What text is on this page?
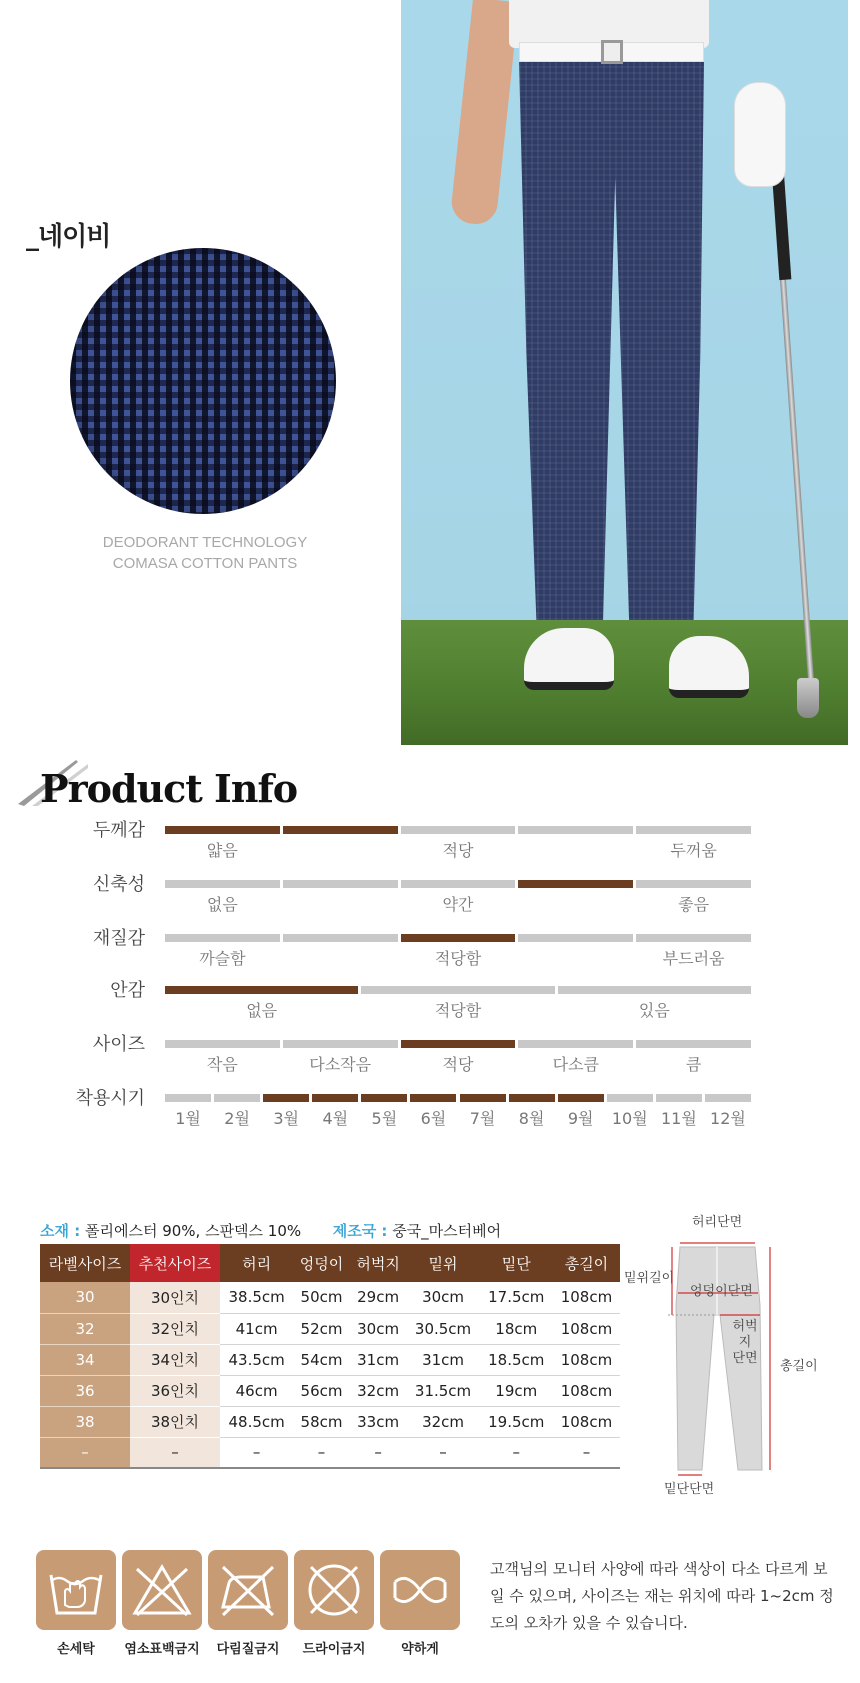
_네이비
DEODORANT TECHNOLOGY
COMASA COTTON PANTS
Product Info
두께감
얇음	적당	두꺼움
신축성
없음	약간	좋음
재질감
까슬함	적당함	부드러움
안감
없음	적당함	있음
사이즈
작음	다소작음	적당	다소큼	큼
착용시기
1월	2월	3월	4월	5월	6월	7월	8월	9월	10월 11월 12월
소재 : 폴리에스터 90%, 스판덱스 10% 제조국 : 중국_마스터베어
라벨사이즈	추천사이즈	허리	엉덩이	허벅지	밑위	밑단	총길이
30	30인치	38.5cm	50cm	29cm	30cm	17.5cm	108cm
32	32인치	41cm	52cm	30cm	30.5cm	18cm	108cm
34	34인치	43.5cm	54cm	31cm	31cm	18.5cm	108cm
36	36인치	46cm	56cm	32cm	31.5cm	19cm	108cm
38	38인치	48.5cm	58cm	33cm	32cm	19.5cm	108cm
–	–	–	–	–	–	–	–
허리단면
밑위길이
엉덩이단면
허벅지
단면
총길이
밑단단면
손세탁	염소표백금지	다림질금지	드라이금지	약하게
고객님의 모니터 사양에 따라 색상이 다소 다르게 보일 수 있으며, 사이즈는 재는 위치에 따라 1~2cm 정도의 오차가 있을 수 있습니다.
